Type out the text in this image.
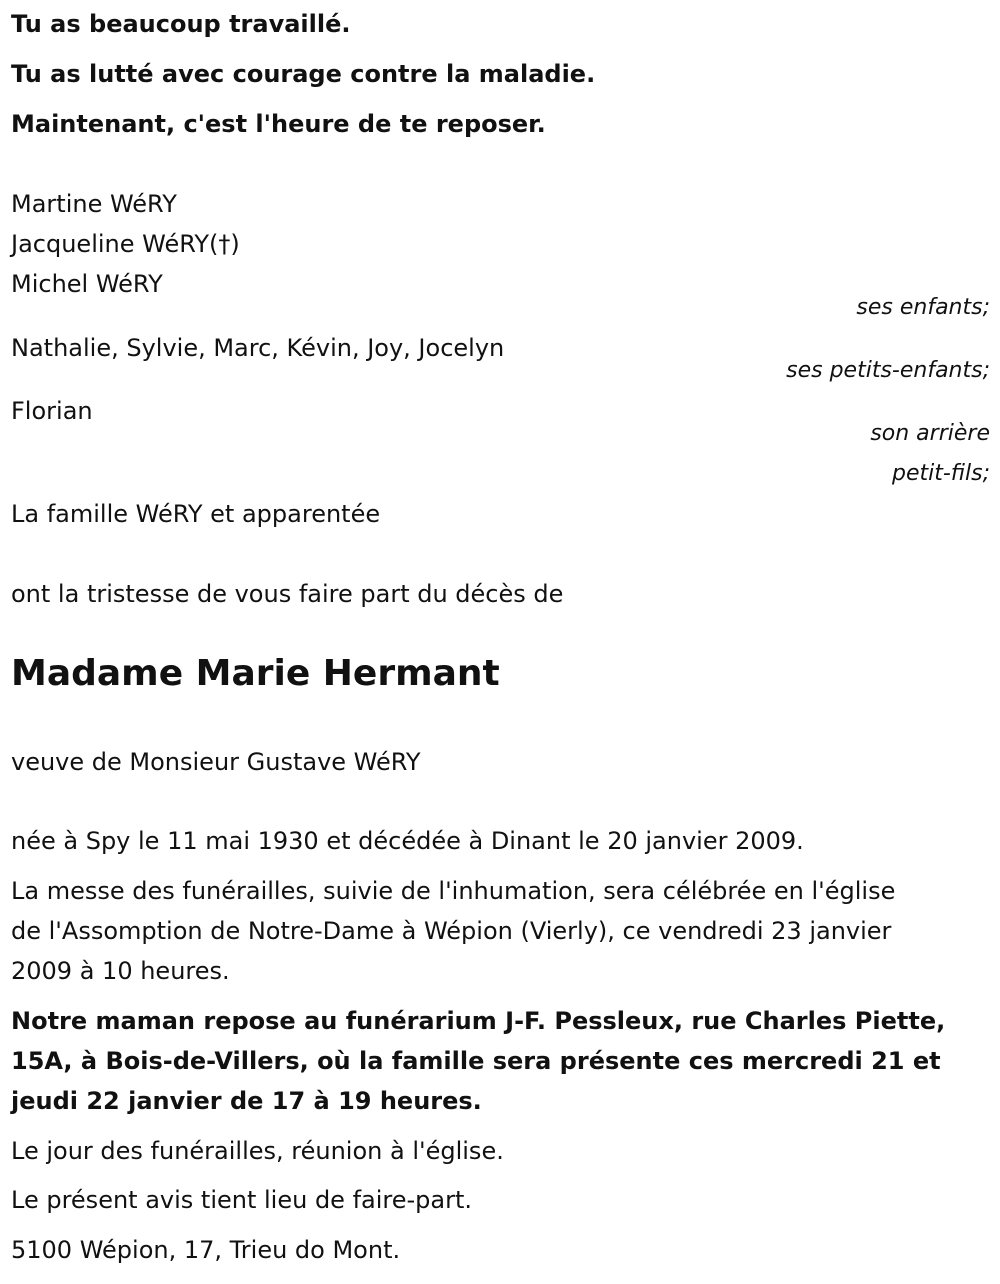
Tu as beaucoup travaillé.
Tu as lutté avec courage contre la maladie.
Maintenant, c'est l'heure de te reposer.
Martine WéRY
Jacqueline WéRY(†)
Michel WéRY
ses enfants;
Nathalie, Sylvie, Marc, Kévin, Joy, Jocelyn
ses petits-enfants;
Florian
son arrière
petit-fils;
La famille WéRY et apparentée
ont la tristesse de vous faire part du décès de
Madame Marie Hermant
veuve de Monsieur Gustave WéRY
née à Spy le 11 mai 1930 et décédée à Dinant le 20 janvier 2009.
La messe des funérailles, suivie de l'inhumation, sera célébrée en l'église
de l'Assomption de Notre-Dame à Wépion (Vierly), ce vendredi 23 janvier
2009 à 10 heures.
Notre maman repose au funérarium J-F. Pessleux, rue Charles Piette,
15A, à Bois-de-Villers, où la famille sera présente ces mercredi 21 et
jeudi 22 janvier de 17 à 19 heures.
Le jour des funérailles, réunion à l'église.
Le présent avis tient lieu de faire-part.
5100 Wépion, 17, Trieu do Mont.
